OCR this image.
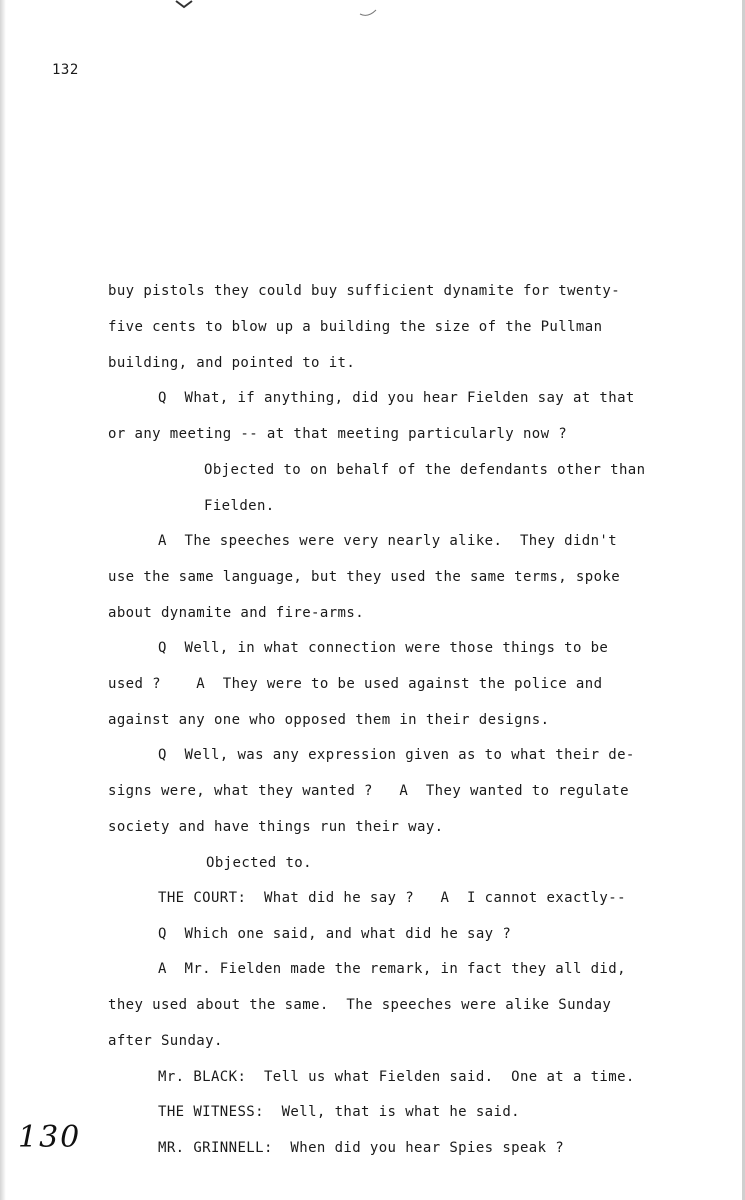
132
buy pistols they could buy sufficient dynamite for twenty-
five cents to blow up a building the size of the Pullman
building, and pointed to it.
Q  What, if anything, did you hear Fielden say at that
or any meeting -- at that meeting particularly now ?
Objected to on behalf of the defendants other than
Fielden.
A  The speeches were very nearly alike.  They didn't
use the same language, but they used the same terms, spoke
about dynamite and fire-arms.
Q  Well, in what connection were those things to be
used ?    A  They were to be used against the police and
against any one who opposed them in their designs.
Q  Well, was any expression given as to what their de-
signs were, what they wanted ?   A  They wanted to regulate
society and have things run their way.
Objected to.
THE COURT:  What did he say ?   A  I cannot exactly--
Q  Which one said, and what did he say ?
A  Mr. Fielden made the remark, in fact they all did,
they used about the same.  The speeches were alike Sunday
after Sunday.
Mr. BLACK:  Tell us what Fielden said.  One at a time.
THE WITNESS:  Well, that is what he said.
MR. GRINNELL:  When did you hear Spies speak ?
130
